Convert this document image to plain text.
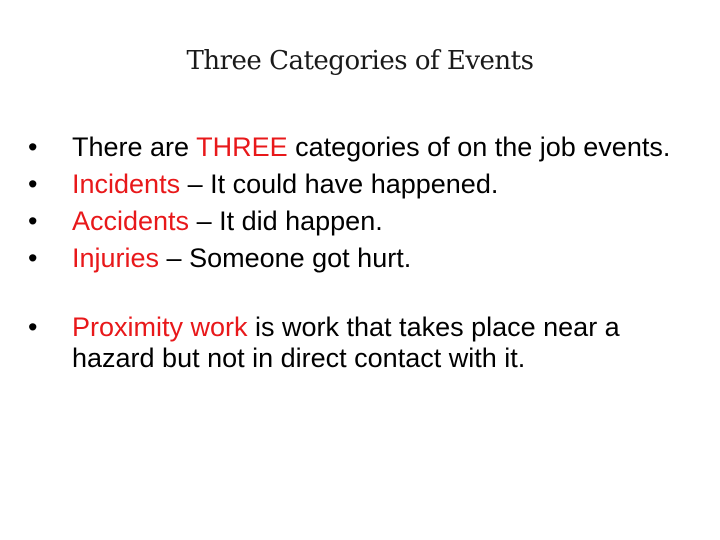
Three Categories of Events
•	There are THREE categories of on the job events.
•	Incidents – It could have happened.
•	Accidents – It did happen.
•	Injuries – Someone got hurt.
•	Proximity work is work that takes place near a hazard but not in direct contact with it.
